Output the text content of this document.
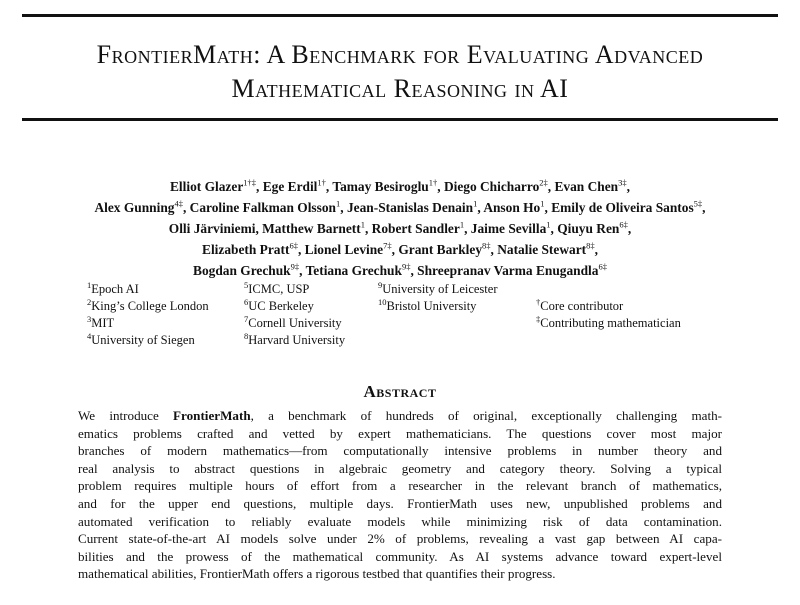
FrontierMath: A Benchmark for Evaluating Advanced
Mathematical Reasoning in AI
Elliot Glazer$^{1\dagger\ddagger}$, Ege Erdil$^{1\dagger}$, Tamay Besiroglu$^{1\dagger}$, Diego Chicharro$^{2\ddagger}$, Evan Chen$^{3\ddagger}$,
Alex Gunning$^{4\ddagger}$, Caroline Falkman Olsson$^1$, Jean-Stanislas Denain$^1$, Anson Ho$^1$, Emily de Oliveira Santos$^{5\ddagger}$,
Olli Järviniemi, Matthew Barnett$^1$, Robert Sandler$^1$, Jaime Sevilla$^1$, Qiuyu Ren$^{6\ddagger}$,
Elizabeth Pratt$^{6\ddagger}$, Lionel Levine$^{7\ddagger}$, Grant Barkley$^{8\ddagger}$, Natalie Stewart$^{8\ddagger}$,
Bogdan Grechuk$^{9\ddagger}$, Tetiana Grechuk$^{9\ddagger}$, Shreepranav Varma Enugandla$^{6\ddagger}$
$^1$Epoch AI
$^2$King’s College London
$^3$MIT
$^4$University of Siegen
$^5$ICMC, USP
$^6$UC Berkeley
$^7$Cornell University
$^8$Harvard University
$^9$University of Leicester
$^{10}$Bristol University	†Core contributor
‡Contributing mathematician
Abstract
We introduce FrontierMath, a benchmark of hundreds of original, exceptionally challenging math-
ematics problems crafted and vetted by expert mathematicians. The questions cover most major
branches of modern mathematics—from computationally intensive problems in number theory and
real analysis to abstract questions in algebraic geometry and category theory. Solving a typical
problem requires multiple hours of effort from a researcher in the relevant branch of mathematics,
and for the upper end questions, multiple days. FrontierMath uses new, unpublished problems and
automated verification to reliably evaluate models while minimizing risk of data contamination.
Current state-of-the-art AI models solve under 2% of problems, revealing a vast gap between AI capa-
bilities and the prowess of the mathematical community. As AI systems advance toward expert-level
mathematical abilities, FrontierMath offers a rigorous testbed that quantifies their progress.
